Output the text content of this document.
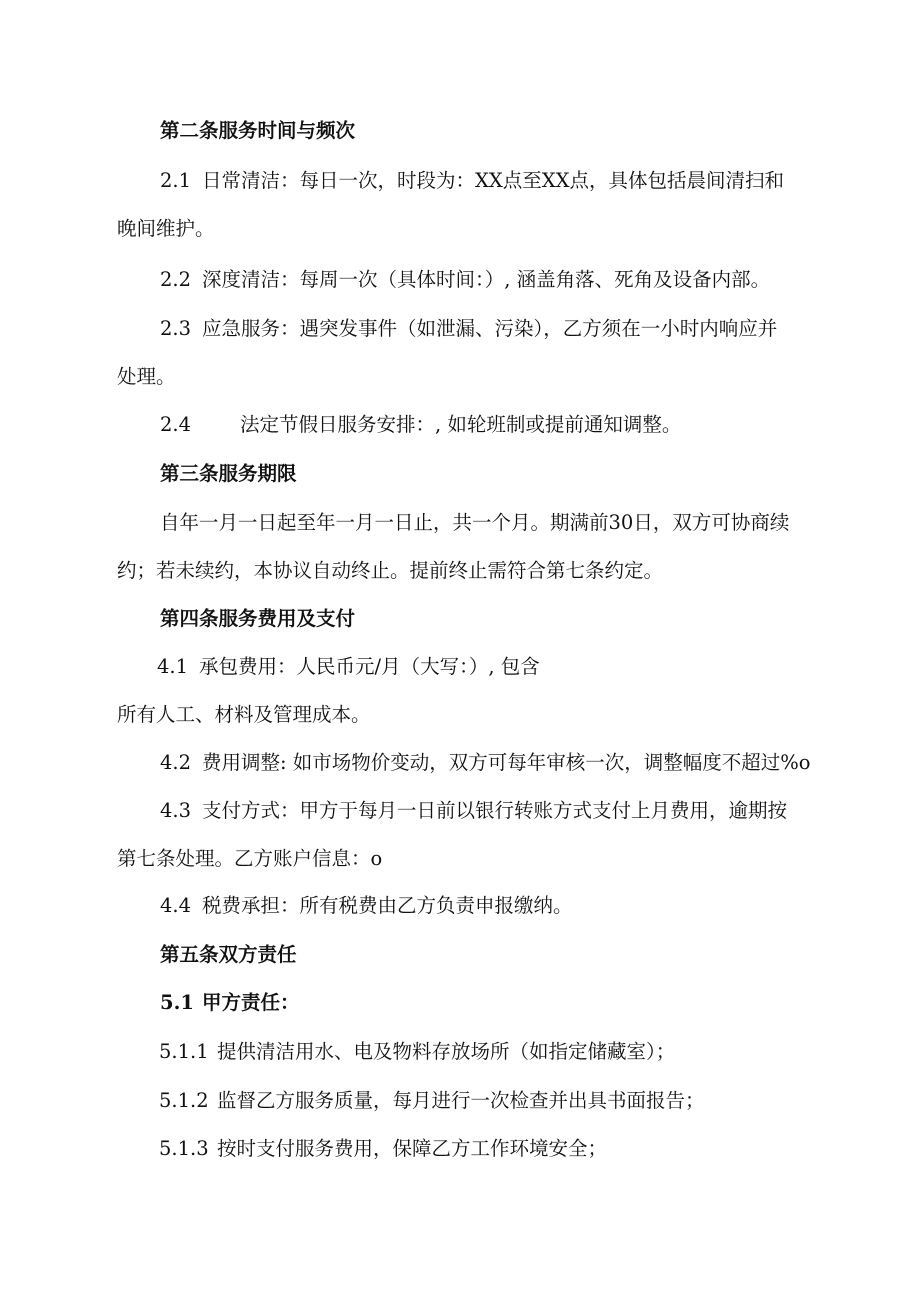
第二条服务时间与频次
2.1 日常清洁：每日一次，时段为：XX点至XX点，具体包括晨间清扫和
晚间维护。
2.2 深度清洁：每周一次（具体时间：）, 涵盖角落、死角及设备内部。
2.3 应急服务：遇突发事件（如泄漏、污染），乙方须在一小时内响应并
处理。
2.4	法定节假日服务安排：, 如轮班制或提前通知调整。
第三条服务期限
自年一月一日起至年一月一日止，共一个月。期满前30日，双方可协商续
约；若未续约，本协议自动终止。提前终止需符合第七条约定。
第四条服务费用及支付
4.1 承包费用：人民币元/月（大写：）, 包含
所有人工、材料及管理成本。
4.2 费用调整: 如市场物价变动，双方可每年审核一次，调整幅度不超过%o
4.3 支付方式：甲方于每月一日前以银行转账方式支付上月费用，逾期按
第七条处理。乙方账户信息：o
4.4 税费承担：所有税费由乙方负责申报缴纳。
第五条双方责任
5.1 甲方责任：
5.1.1 提供清洁用水、电及物料存放场所（如指定储藏室）；
5.1.2 监督乙方服务质量，每月进行一次检查并出具书面报告；
5.1.3 按时支付服务费用，保障乙方工作环境安全；
